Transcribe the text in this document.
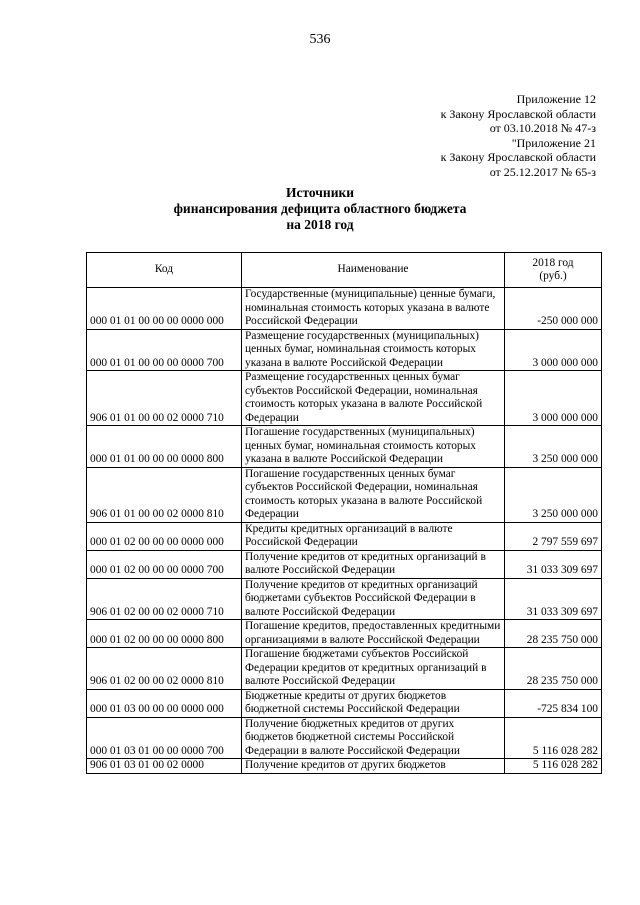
536
Приложение 12
к Закону Ярославской области
от 03.10.2018 № 47-з
"Приложение 21
к Закону Ярославской области
от 25.12.2017 № 65-з
Источники
финансирования дефицита областного бюджета
на 2018 год
Код	Наименование	2018 год
(руб.)

000 01 01 00 00 00 0000 000	Государственные (муниципальные) ценные бумаги, номинальная стоимость которых указана в валюте Российской Федерации	-250 000 000
000 01 01 00 00 00 0000 700	Размещение государственных (муниципальных) ценных бумаг, номинальная стоимость которых указана в валюте Российской Федерации	3 000 000 000
906 01 01 00 00 02 0000 710	Размещение государственных ценных бумаг субъектов Российской Федерации, номинальная стоимость которых указана в валюте Российской Федерации	3 000 000 000
000 01 01 00 00 00 0000 800	Погашение государственных (муниципальных) ценных бумаг, номинальная стоимость которых указана в валюте Российской Федерации	3 250 000 000
906 01 01 00 00 02 0000 810	Погашение государственных ценных бумаг субъектов Российской Федерации, номинальная стоимость которых указана в валюте Российской Федерации	3 250 000 000
000 01 02 00 00 00 0000 000	Кредиты кредитных организаций в валюте Российской Федерации	2 797 559 697
000 01 02 00 00 00 0000 700	Получение кредитов от кредитных организаций в валюте Российской Федерации	31 033 309 697
906 01 02 00 00 02 0000 710	Получение кредитов от кредитных организаций бюджетами субъектов Российской Федерации в валюте Российской Федерации	31 033 309 697
000 01 02 00 00 00 0000 800	Погашение кредитов, предоставленных кредитными организациями в валюте Российской Федерации	28 235 750 000
906 01 02 00 00 02 0000 810	Погашение бюджетами субъектов Российской Федерации кредитов от кредитных организаций в валюте Российской Федерации	28 235 750 000
000 01 03 00 00 00 0000 000	Бюджетные кредиты от других бюджетов бюджетной системы Российской Федерации	-725 834 100
000 01 03 01 00 00 0000 700	Получение бюджетных кредитов от других бюджетов бюджетной системы Российской Федерации в валюте Российской Федерации	5 116 028 282
906 01 03 01 00 02 0000	Получение кредитов от других бюджетов	5 116 028 282
